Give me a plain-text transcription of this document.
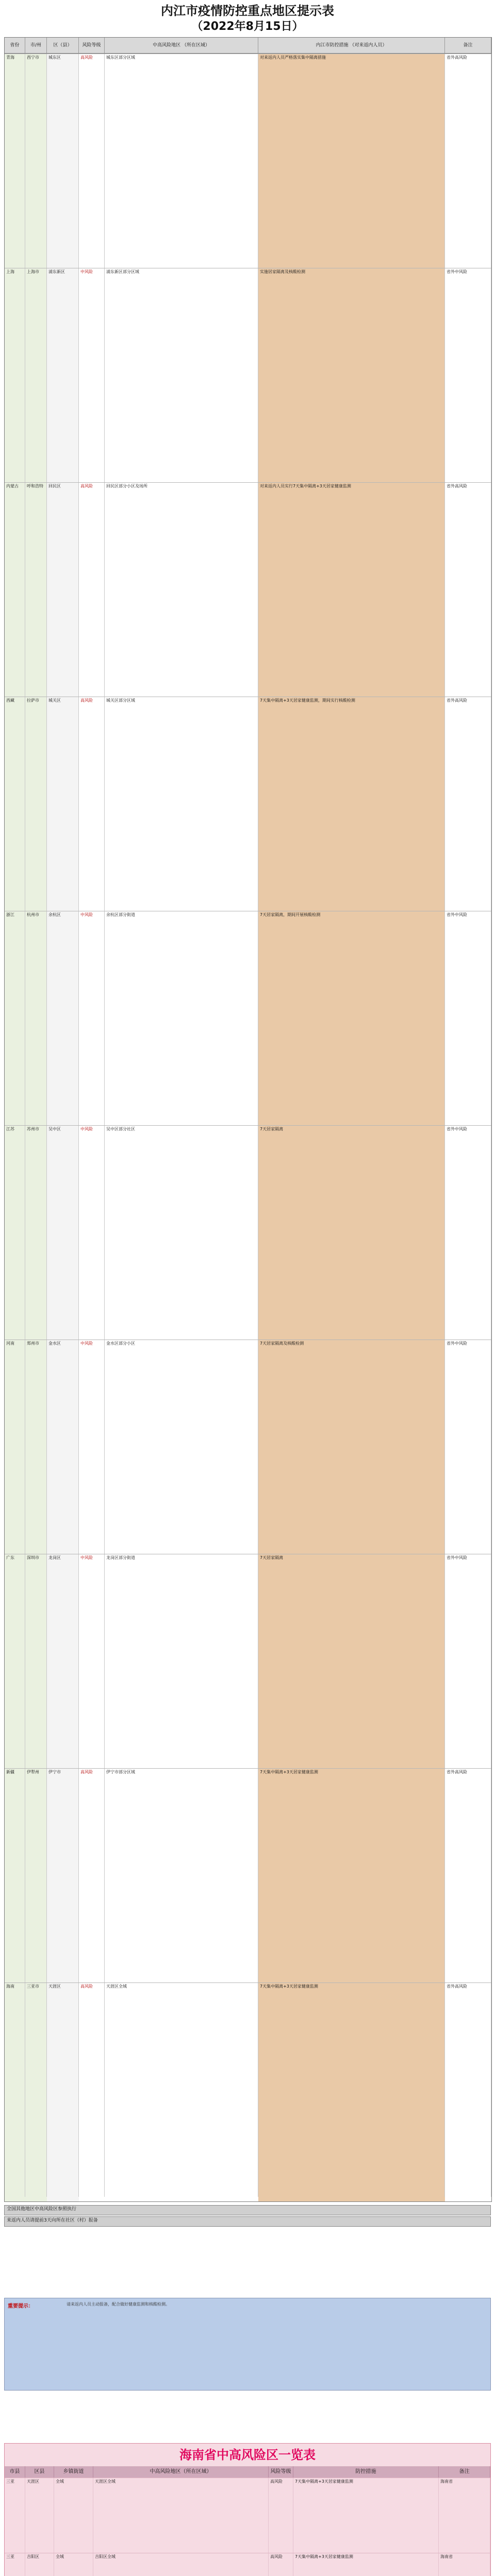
内江市疫情防控重点地区提示表
（2022年8月15日）
省份	市/州	区（县）	风险等级	中高风险地区 （所在区域）	内江市防控措施 （对来返内人员）	备注
青海	西宁市	城东区	高风险	城东区部分区域	对来返内人员严格落实集中隔离措施	省外高风险
上海	上海市	浦东新区	中风险	浦东新区部分区域	实施居家隔离及核酸检测	省外中风险
内蒙古	呼和浩特	回民区	高风险	回民区部分小区及场所	对来返内人员实行7天集中隔离+3天居家健康监测	省外高风险
西藏	拉萨市	城关区	高风险	城关区部分区域	7天集中隔离+3天居家健康监测，期间实行核酸检测	省外高风险
浙江	杭州市	余杭区	中风险	余杭区部分街道	7天居家隔离，期间开展核酸检测	省外中风险
江苏	苏州市	吴中区	中风险	吴中区部分社区	7天居家隔离	省外中风险
河南	郑州市	金水区	中风险	金水区部分小区	7天居家隔离及核酸检测	省外中风险
广东	深圳市	龙岗区	中风险	龙岗区部分街道	7天居家隔离	省外中风险
新疆	伊犁州	伊宁市	高风险	伊宁市部分区域	7天集中隔离+3天居家健康监测	省外高风险
海南	三亚市	天涯区	高风险	天涯区全域	7天集中隔离+3天居家健康监测	省外高风险
全国其他地区中高风险区参照执行
来返内人员请提前3天向所在社区（村）报备
重要提示：	请来返内人员主动报备，配合做好健康监测和核酸检测。
海南省中高风险区一览表
市县	区县	乡镇街道	中高风险地区（所在区域）	风险等级	防控措施	备注
三亚	天涯区	全域	天涯区全域	高风险	7天集中隔离+3天居家健康监测	海南省
三亚	吉阳区	全域	吉阳区全域	高风险	7天集中隔离+3天居家健康监测	海南省
